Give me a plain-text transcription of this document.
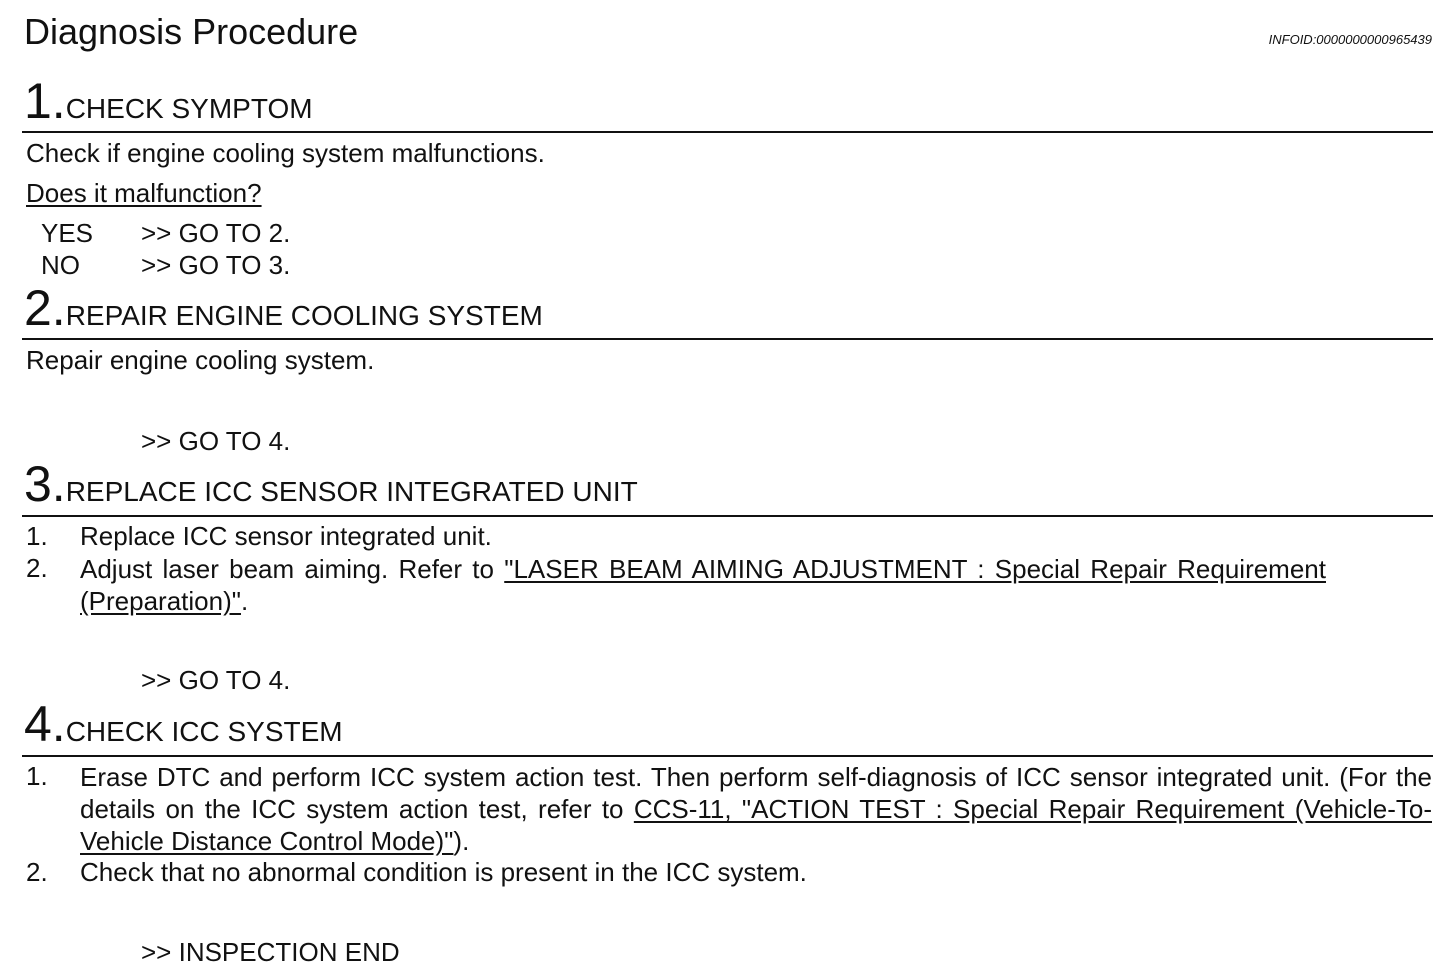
Diagnosis Procedure	INFOID:0000000000965439
1.CHECK SYMPTOM
Check if engine cooling system malfunctions.
Does it malfunction?
YES >> GO TO 2.
NO >> GO TO 3.
2.REPAIR ENGINE COOLING SYSTEM
Repair engine cooling system.
>> GO TO 4.
3.REPLACE ICC SENSOR INTEGRATED UNIT
1. Replace ICC sensor integrated unit.
2. Adjust laser beam aiming. Refer to "LASER BEAM AIMING ADJUSTMENT : Special Repair Requirement (Preparation)".
>> GO TO 4.
4.CHECK ICC SYSTEM
1. Erase DTC and perform ICC system action test. Then perform self-diagnosis of ICC sensor integrated unit. (For the details on the ICC system action test, refer to CCS-11, "ACTION TEST : Special Repair Requirement (Vehicle-To-Vehicle Distance Control Mode)").
2. Check that no abnormal condition is present in the ICC system.
>> INSPECTION END
